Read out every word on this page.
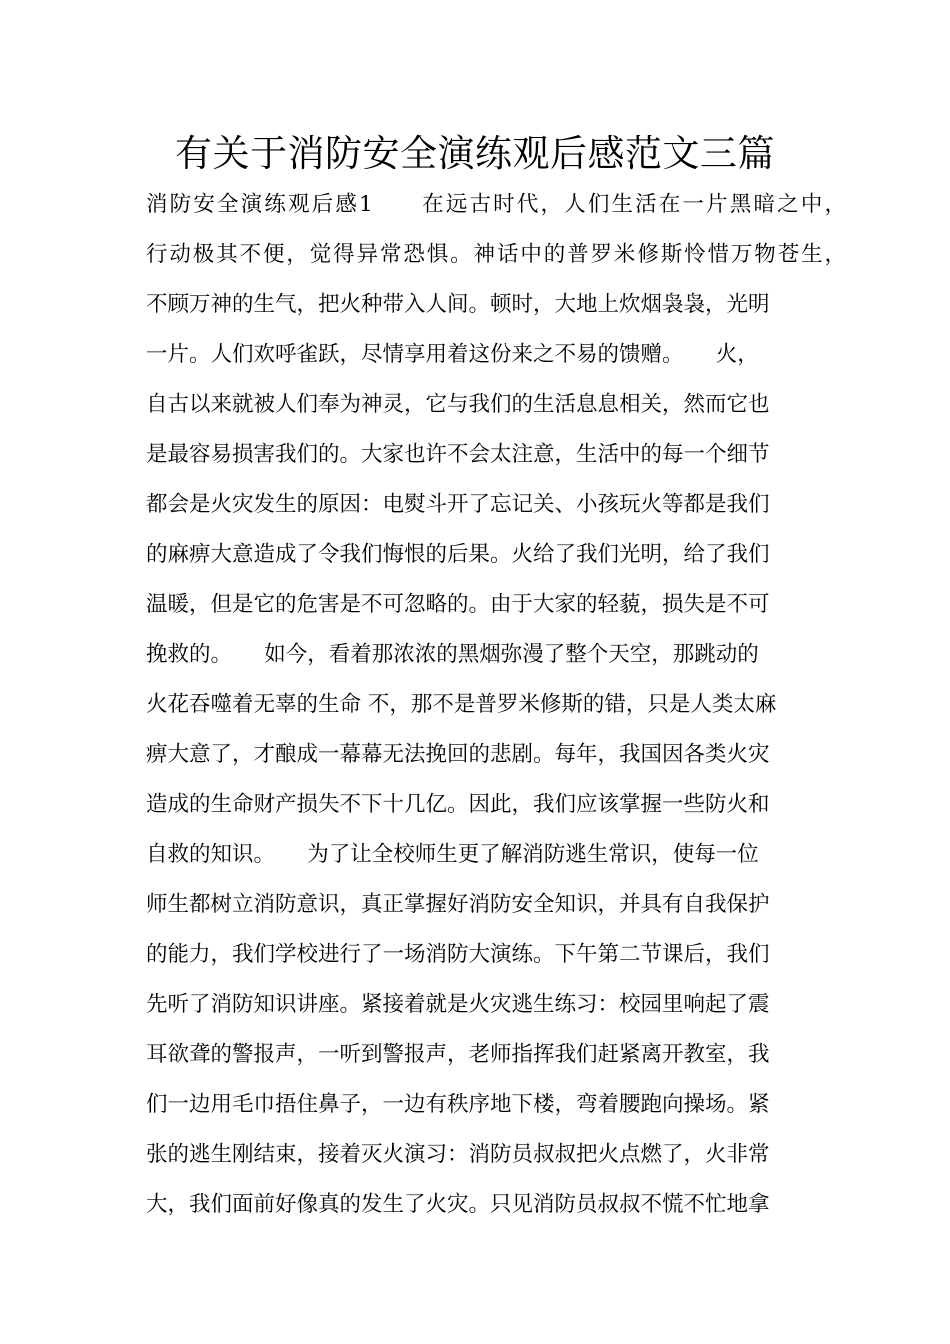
有关于消防安全演练观后感范文三篇
消防安全演练观后感1　　在远古时代，人们生活在一片黑暗之中，
行动极其不便，觉得异常恐惧。神话中的普罗米修斯怜惜万物苍生，
不顾万神的生气，把火种带入人间。顿时，大地上炊烟袅袅，光明
一片。人们欢呼雀跃，尽情享用着这份来之不易的馈赠。　　火，
自古以来就被人们奉为神灵，它与我们的生活息息相关，然而它也
是最容易损害我们的。大家也许不会太注意，生活中的每一个细节
都会是火灾发生的原因：电熨斗开了忘记关、小孩玩火等都是我们
的麻痹大意造成了令我们悔恨的后果。火给了我们光明，给了我们
温暖，但是它的危害是不可忽略的。由于大家的轻藐，损失是不可
挽救的。　　如今，看着那浓浓的黑烟弥漫了整个天空，那跳动的
火花吞噬着无辜的生命 不，那不是普罗米修斯的错，只是人类太麻
痹大意了，才酿成一幕幕无法挽回的悲剧。每年，我国因各类火灾
造成的生命财产损失不下十几亿。因此，我们应该掌握一些防火和
自救的知识。　　为了让全校师生更了解消防逃生常识，使每一位
师生都树立消防意识，真正掌握好消防安全知识，并具有自我保护
的能力，我们学校进行了一场消防大演练。下午第二节课后，我们
先听了消防知识讲座。紧接着就是火灾逃生练习：校园里响起了震
耳欲聋的警报声，一听到警报声，老师指挥我们赶紧离开教室，我
们一边用毛巾捂住鼻子，一边有秩序地下楼，弯着腰跑向操场。紧
张的逃生刚结束，接着灭火演习：消防员叔叔把火点燃了，火非常
大，我们面前好像真的发生了火灾。只见消防员叔叔不慌不忙地拿
